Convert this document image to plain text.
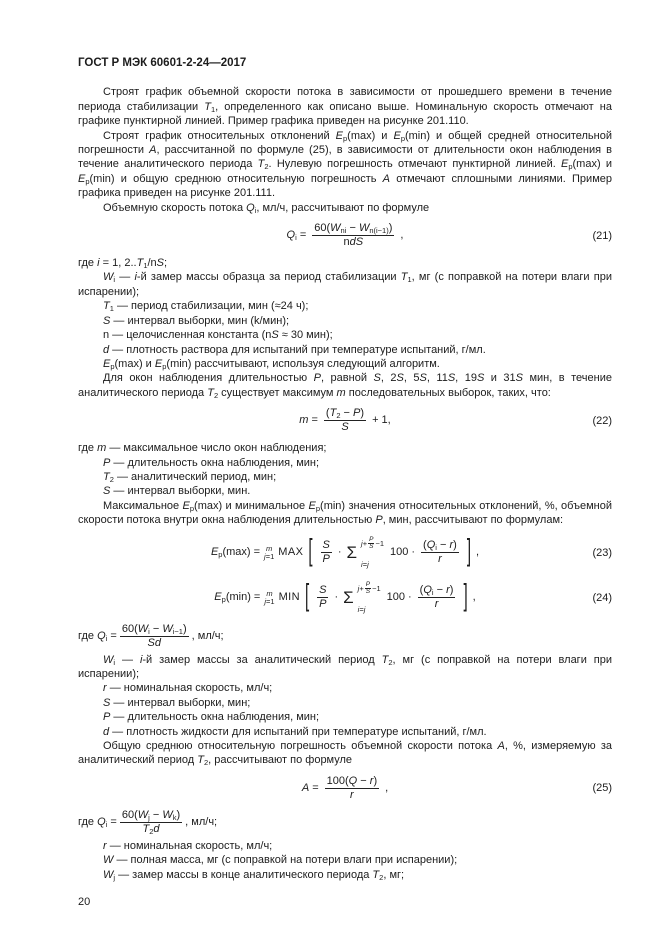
ГОСТ Р МЭК 60601-2-24—2017

Строят график объемной скорости потока в зависимости от прошедшего времени в течение периода стабилизации $T_1$, определенного как описано выше. Номинальную скорость отмечают на графике пунктирной линией. Пример графика приведен на рисунке 201.110.

Строят график относительных отклонений $E_p(\max)$ и $E_p(\min)$ и общей средней относительной погрешности A, рассчитанной по формуле (25), в зависимости от длительности окон наблюдения в течение аналитического периода $T_2$. Нулевую погрешность отмечают пунктирной линией. $E_p(\max)$ и $E_p(\min)$ и общую среднюю относительную погрешность A отмечают сплошными линиями. Пример графика приведен на рисунке 201.111.

Объемную скорость потока $Q_i$, мл/ч, рассчитывают по формуле

$Q_i = \frac{60(W_{ni} - W_{n(i-1)})}{\text{ndS}}$ ,	(21)

где i = 1, $2..T_1/nS$;

$W_i$ — i-й замер массы образца за период стабилизации $T_1$, мг (с поправкой на потери влаги при испарении);

$T_1$ — период стабилизации, мин (≈24 ч);

S — интервал выборки, мин (k/мин);

n — целочисленная константа (nS ≈ 30 мин);

d — плотность раствора для испытаний при температуре испытаний, г/мл.

$E_p(\max)$ и $E_p(\min)$ рассчитывают, используя следующий алгоритм.

Для окон наблюдения длительностью P, равной S, 2S, 5S, 11S, 19S и 31S мин, в течение аналитического периода $T_2$ существует максимум m последовательных выборок, таких, что:

$m = \frac{(T_2 - P)}{S} + 1$,	(22)

где m — максимальное число окон наблюдения;

P — длительность окна наблюдения, мин;

$T_2$ — аналитический период, мин;

S — интервал выборки, мин.

Максимальное $E_p(\max)$ и минимальное $E_p(\min)$ значения относительных отклонений, %, объемной скорости потока внутри окна наблюдения длительностью P, мин, рассчитывают по формулам:

$E_p(\max) = m$
j=1 MAX [ $\frac{S}{P} \cdot \Sigma$ $j+ \frac{P}{S} -1$
i=j
$100 \cdot \frac{(Q_i - r)}{r}$ ] ,	(23)
$E_p(\min) = m$
j=1 MIN [ $\frac{S}{P} \cdot \Sigma$ $j+ \frac{P}{S} -1$
i=j
$100 \cdot \frac{(Q_i - r)}{r}$ ] ,	(24)
где $Q_i = \frac{60(W_i - W_{i-1})}{Sd}$ , мл/ч;

$W_i$ — i-й замер массы за аналитический период $T_2$, мг (с поправкой на потери влаги при испарении);

r — номинальная скорость, мл/ч;

S — интервал выборки, мин;

P — длительность окна наблюдения, мин;

d — плотность жидкости для испытаний при температуре испытаний, г/мл.

Общую среднюю относительную погрешность объемной скорости потока A, %, измеряемую за аналитический период $T_2$, рассчитывают по формуле

$A = \frac{100(Q - r)}{r}$ ,	(25)
где $Q_i = \frac{60(W_j - W_k)}{T_2d}$ , мл/ч;

r — номинальная скорость, мл/ч;

W — полная масса, мг (с поправкой на потери влаги при испарении);

$W_j$ — замер массы в конце аналитического периода $T_2$, мг;

20
